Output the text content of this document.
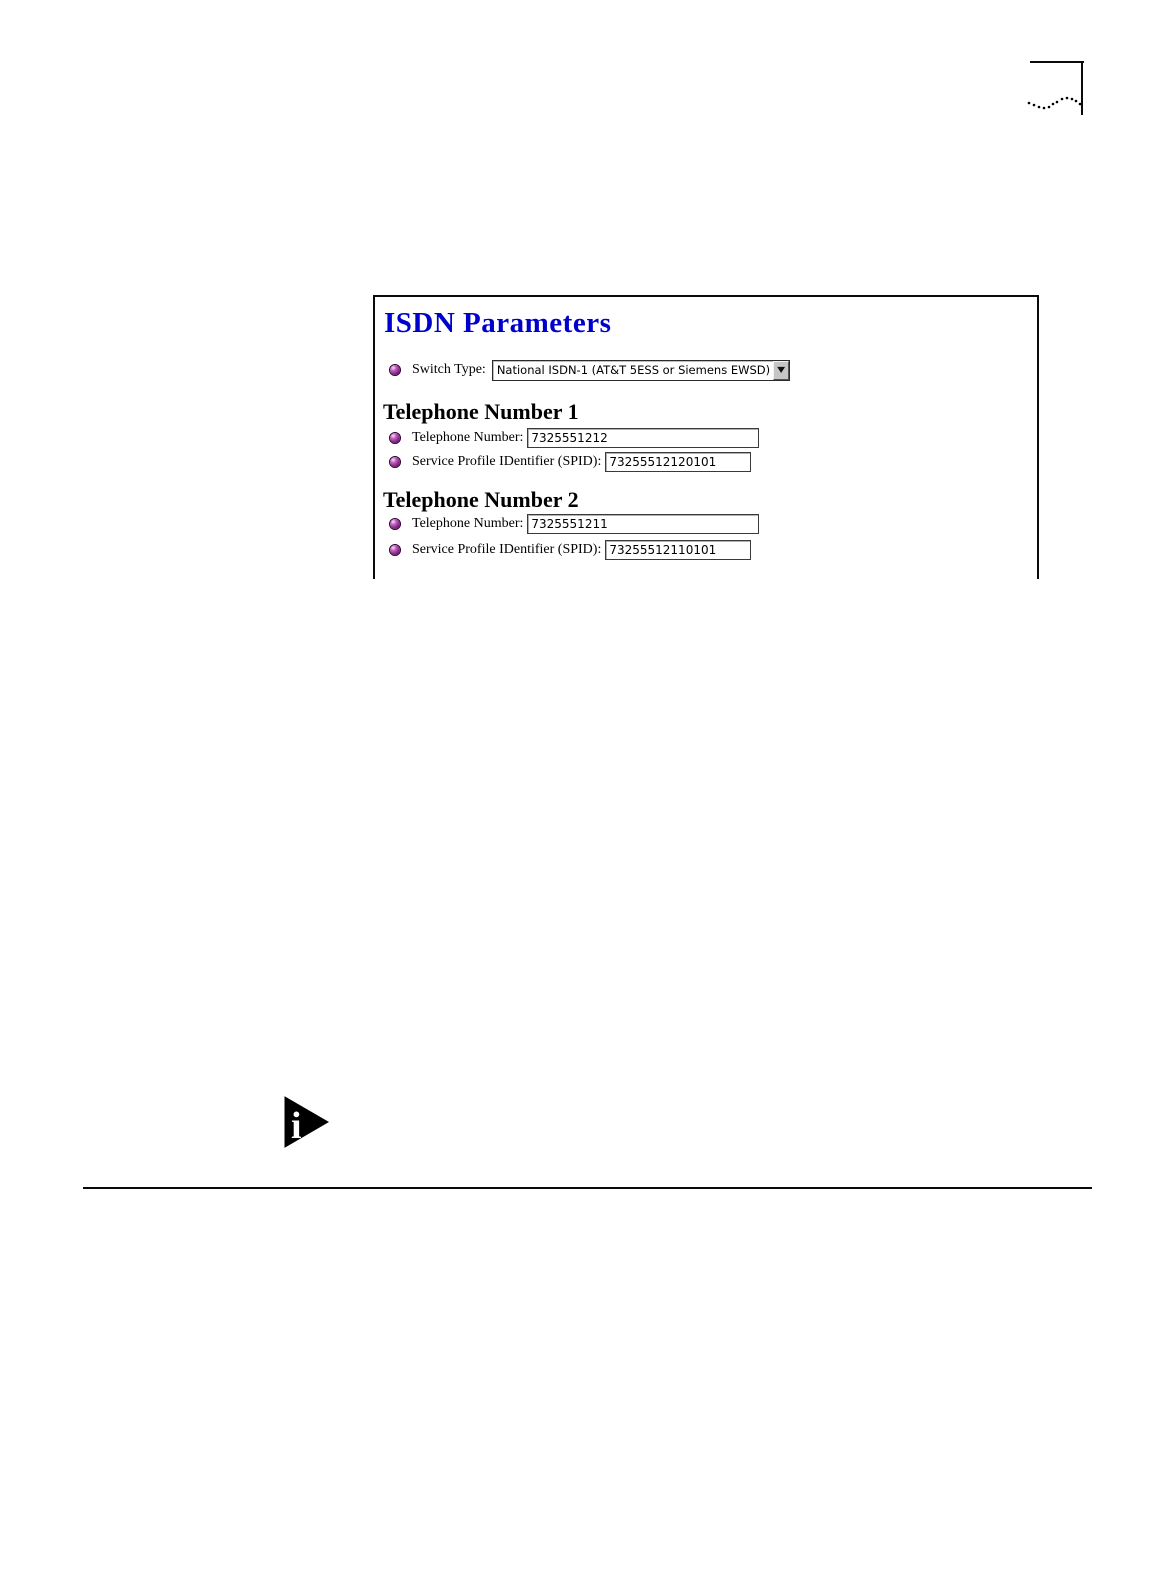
ISDN Parameters
Switch Type: National ISDN-1 (AT&T 5ESS or Siemens EWSD) ▼
Telephone Number 1
Telephone Number:
7325551212
Service Profile IDentifier (SPID):
73255512120101
Telephone Number 2
Telephone Number:
7325551211
Service Profile IDentifier (SPID):
73255512110101
i
